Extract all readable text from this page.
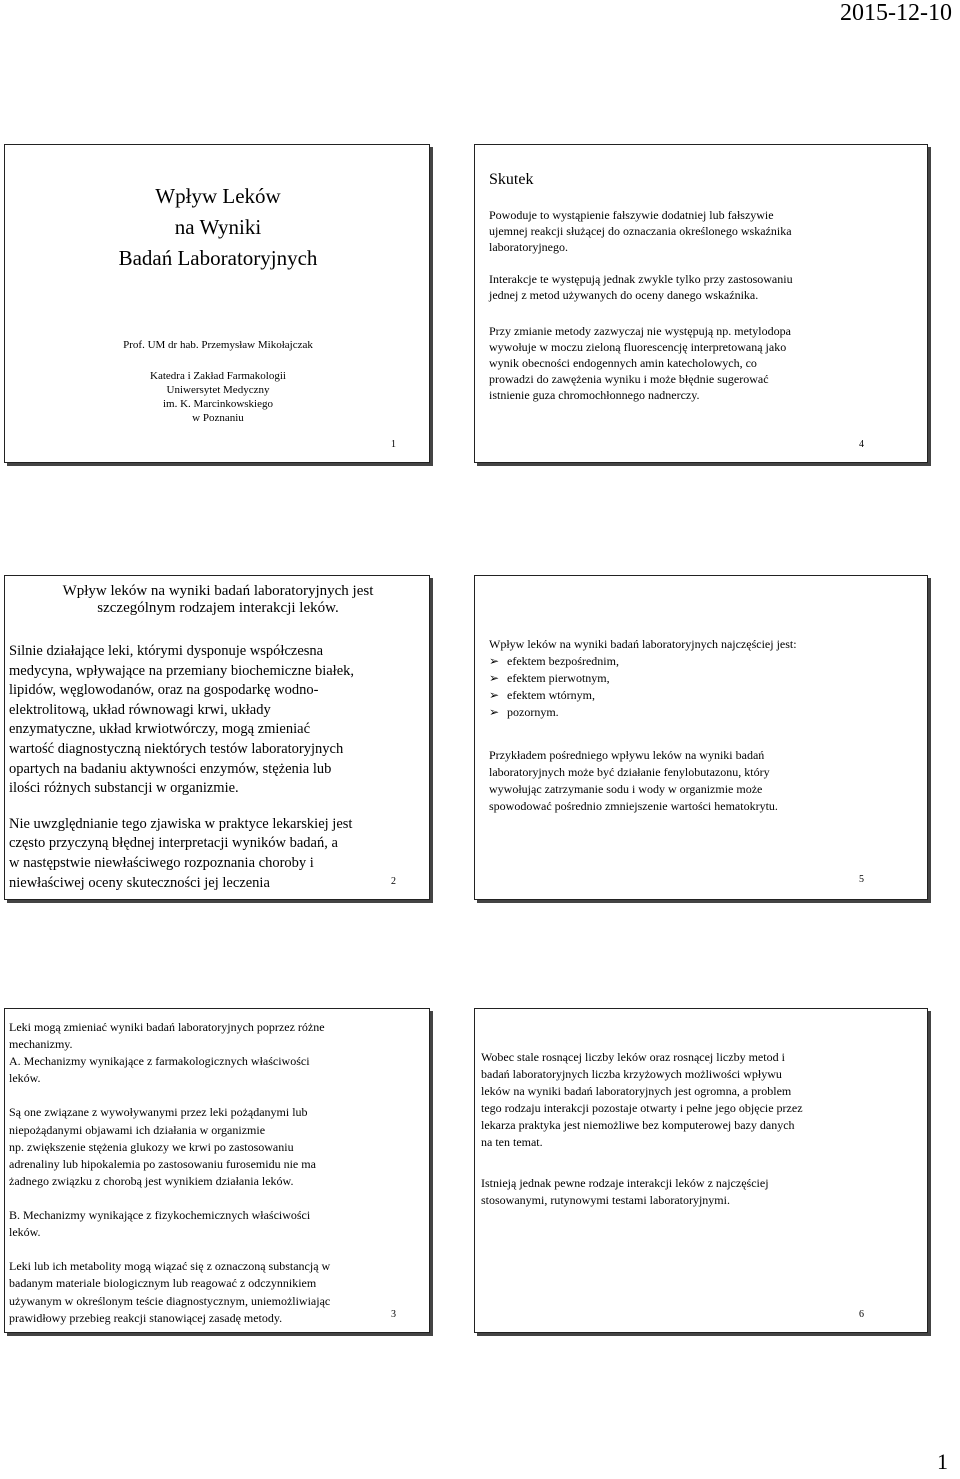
2015-12-10
Wpływ Leków
na Wyniki
Badań Laboratoryjnych
Prof. UM dr hab. Przemysław Mikołajczak
Katedra i Zakład Farmakologii
Uniwersytet Medyczny
im. K. Marcinkowskiego
w Poznaniu
1
Skutek

Powoduje to wystąpienie fałszywie dodatniej lub fałszywie
ujemnej reakcji służącej do oznaczania określonego wskaźnika
laboratoryjnego.

Interakcje te występują jednak zwykle tylko przy zastosowaniu
jednej z metod używanych do oceny danego wskaźnika.

Przy zmianie metody zazwyczaj nie występują np. metylodopa
wywołuje w moczu zieloną fluorescencję interpretowaną jako
wynik obecności endogennych amin katecholowych, co
prowadzi do zawężenia wyniku i może błędnie sugerować
istnienie guza chromochłonnego nadnerczy.

4
Wpływ leków na wyniki badań laboratoryjnych jest
szczególnym rodzajem interakcji leków.

Silnie działające leki, którymi dysponuje współczesna
medycyna, wpływające na przemiany biochemiczne białek,
lipidów, węglowodanów, oraz na gospodarkę wodno-
elektrolitową, układ równowagi krwi, układy
enzymatyczne, układ krwiotwórczy, mogą zmieniać
wartość diagnostyczną niektórych testów laboratoryjnych
opartych na badaniu aktywności enzymów, stężenia lub
ilości różnych substancji w organizmie.

Nie uwzględnianie tego zjawiska w praktyce lekarskiej jest
często przyczyną błędnej interpretacji wyników badań, a
w następstwie niewłaściwego rozpoznania choroby i
niewłaściwej oceny skuteczności jej leczenia	2

Wpływ leków na wyniki badań laboratoryjnych najczęściej jest:

➢ efektem bezpośrednim,
➢ efektem pierwotnym,
➢ efektem wtórnym,
➢ pozornym.

Przykładem pośredniego wpływu leków na wyniki badań
laboratoryjnych może być działanie fenylobutazonu, który
wywołując zatrzymanie sodu i wody w organizmie może
spowodować pośrednio zmniejszenie wartości hematokrytu.

5
Leki mogą zmieniać wyniki badań laboratoryjnych poprzez różne
mechanizmy.
A. Mechanizmy wynikające z farmakologicznych właściwości
leków.
Są one związane z wywoływanymi przez leki pożądanymi lub
niepożądanymi objawami ich działania w organizmie
np. zwiększenie stężenia glukozy we krwi po zastosowaniu
adrenaliny lub hipokalemia po zastosowaniu furosemidu nie ma
żadnego związku z chorobą jest wynikiem działania leków.
B. Mechanizmy wynikające z fizykochemicznych właściwości
leków.
Leki lub ich metabolity mogą wiązać się z oznaczoną substancją w
badanym materiale biologicznym lub reagować z odczynnikiem
używanym w określonym teście diagnostycznym, uniemożliwiając
prawidłowy przebieg reakcji stanowiącej zasadę metody.	3

Wobec stale rosnącej liczby leków oraz rosnącej liczby metod i
badań laboratoryjnych liczba krzyżowych możliwości wpływu
leków na wyniki badań laboratoryjnych jest ogromna, a problem
tego rodzaju interakcji pozostaje otwarty i pełne jego objęcie przez
lekarza praktyka jest niemożliwe bez komputerowej bazy danych
na ten temat.

Istnieją jednak pewne rodzaje interakcji leków z najczęściej
stosowanymi, rutynowymi testami laboratoryjnymi.

6
1
